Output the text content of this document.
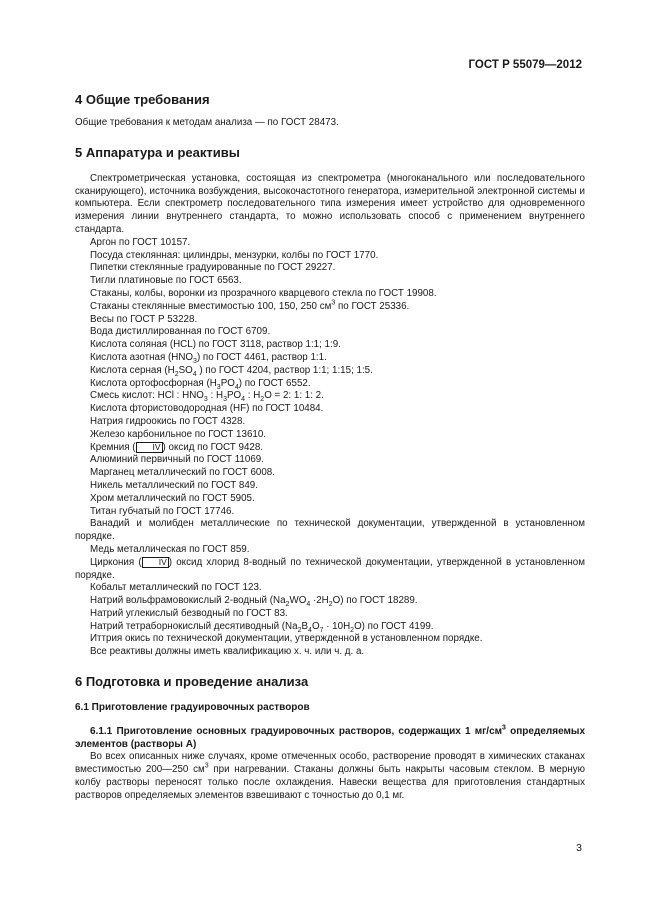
ГОСТ Р 55079—2012
4 Общие требования

Общие требования к методам анализа — по ГОСТ 28473.

5 Аппаратура и реактивы

Спектрометрическая установка, состоящая из спектрометра (многоканального или последовательного сканирующего), источника возбуждения, высокочастотного генератора, измерительной электронной системы и компьютера. Если спектрометр последовательного типа измерения имеет устройство для одновременного измерения линии внутреннего стандарта, то можно использовать способ с применением внутреннего стандарта.

Аргон по ГОСТ 10157.

Посуда стеклянная: цилиндры, мензурки, колбы по ГОСТ 1770.

Пипетки стеклянные градуированные по ГОСТ 29227.

Тигли платиновые по ГОСТ 6563.

Стаканы, колбы, воронки из прозрачного кварцевого стекла по ГОСТ 19908.

Стаканы стеклянные вместимостью 100, 150, 250 $см^3$ по ГОСТ 25336.

Весы по ГОСТ Р 53228.

Вода дистиллированная по ГОСТ 6709.

Кислота соляная (HCL) по ГОСТ 3118, раствор 1:1; 1:9.

Кислота азотная $(HNO_3)$ по ГОСТ 4461, раствор 1:1.

Кислота серная ($H_2SO_4$ ) по ГОСТ 4204, раствор 1:1; 1:15; 1:5.

Кислота ортофосфорная $(H_3PO_4)$ по ГОСТ 6552.

Смесь кислот: HCl : $HNO_3$ : $H_3PO_4$ : $H_2O = 2$: 1: 1: 2.

Кислота фтористоводородная (HF) по ГОСТ 10484.

Натрия гидроокись по ГОСТ 4328.

Железо карбонильное по ГОСТ 13610.

Кремния ( IV ) оксид по ГОСТ 9428.

Алюминий первичный по ГОСТ 11069.

Марганец металлический по ГОСТ 6008.

Никель металлический по ГОСТ 849.

Хром металлический по ГОСТ 5905.

Титан губчатый по ГОСТ 17746.

Ванадий и молибден металлические по технической документации, утвержденной в установленном порядке.

Медь металлическая по ГОСТ 859.

Циркония ( IV ) оксид хлорид 8-водный по технической документации, утвержденной в установленном порядке.

Кобальт металлический по ГОСТ 123.

Натрий вольфрамовокислый 2-водный $(Na_2WO_4 \cdot 2H_2O)$ по ГОСТ 18289.

Натрий углекислый безводный по ГОСТ 83.

Натрий тетраборнокислый десятиводный $(Na_2B_4O_7 \cdot 10H_2O)$ по ГОСТ 4199.

Иттрия окись по технической документации, утвержденной в установленном порядке.

Все реактивы должны иметь квалификацию х. ч. или ч. д. а.

6 Подготовка и проведение анализа

6.1 Приготовление градуировочных растворов

6.1.1 Приготовление основных градуировочных растворов, содержащих 1 $мг/см^3$ определяемых элементов (растворы А)

Во всех описанных ниже случаях, кроме отмеченных особо, растворение проводят в химических стаканах вместимостью 200—250 $см^3$ при нагревании. Стаканы должны быть накрыты часовым стеклом. В мерную колбу растворы переносят только после охлаждения. Навески вещества для приготовления стандартных растворов определяемых элементов взвешивают с точностью до 0,1 мг.

3
